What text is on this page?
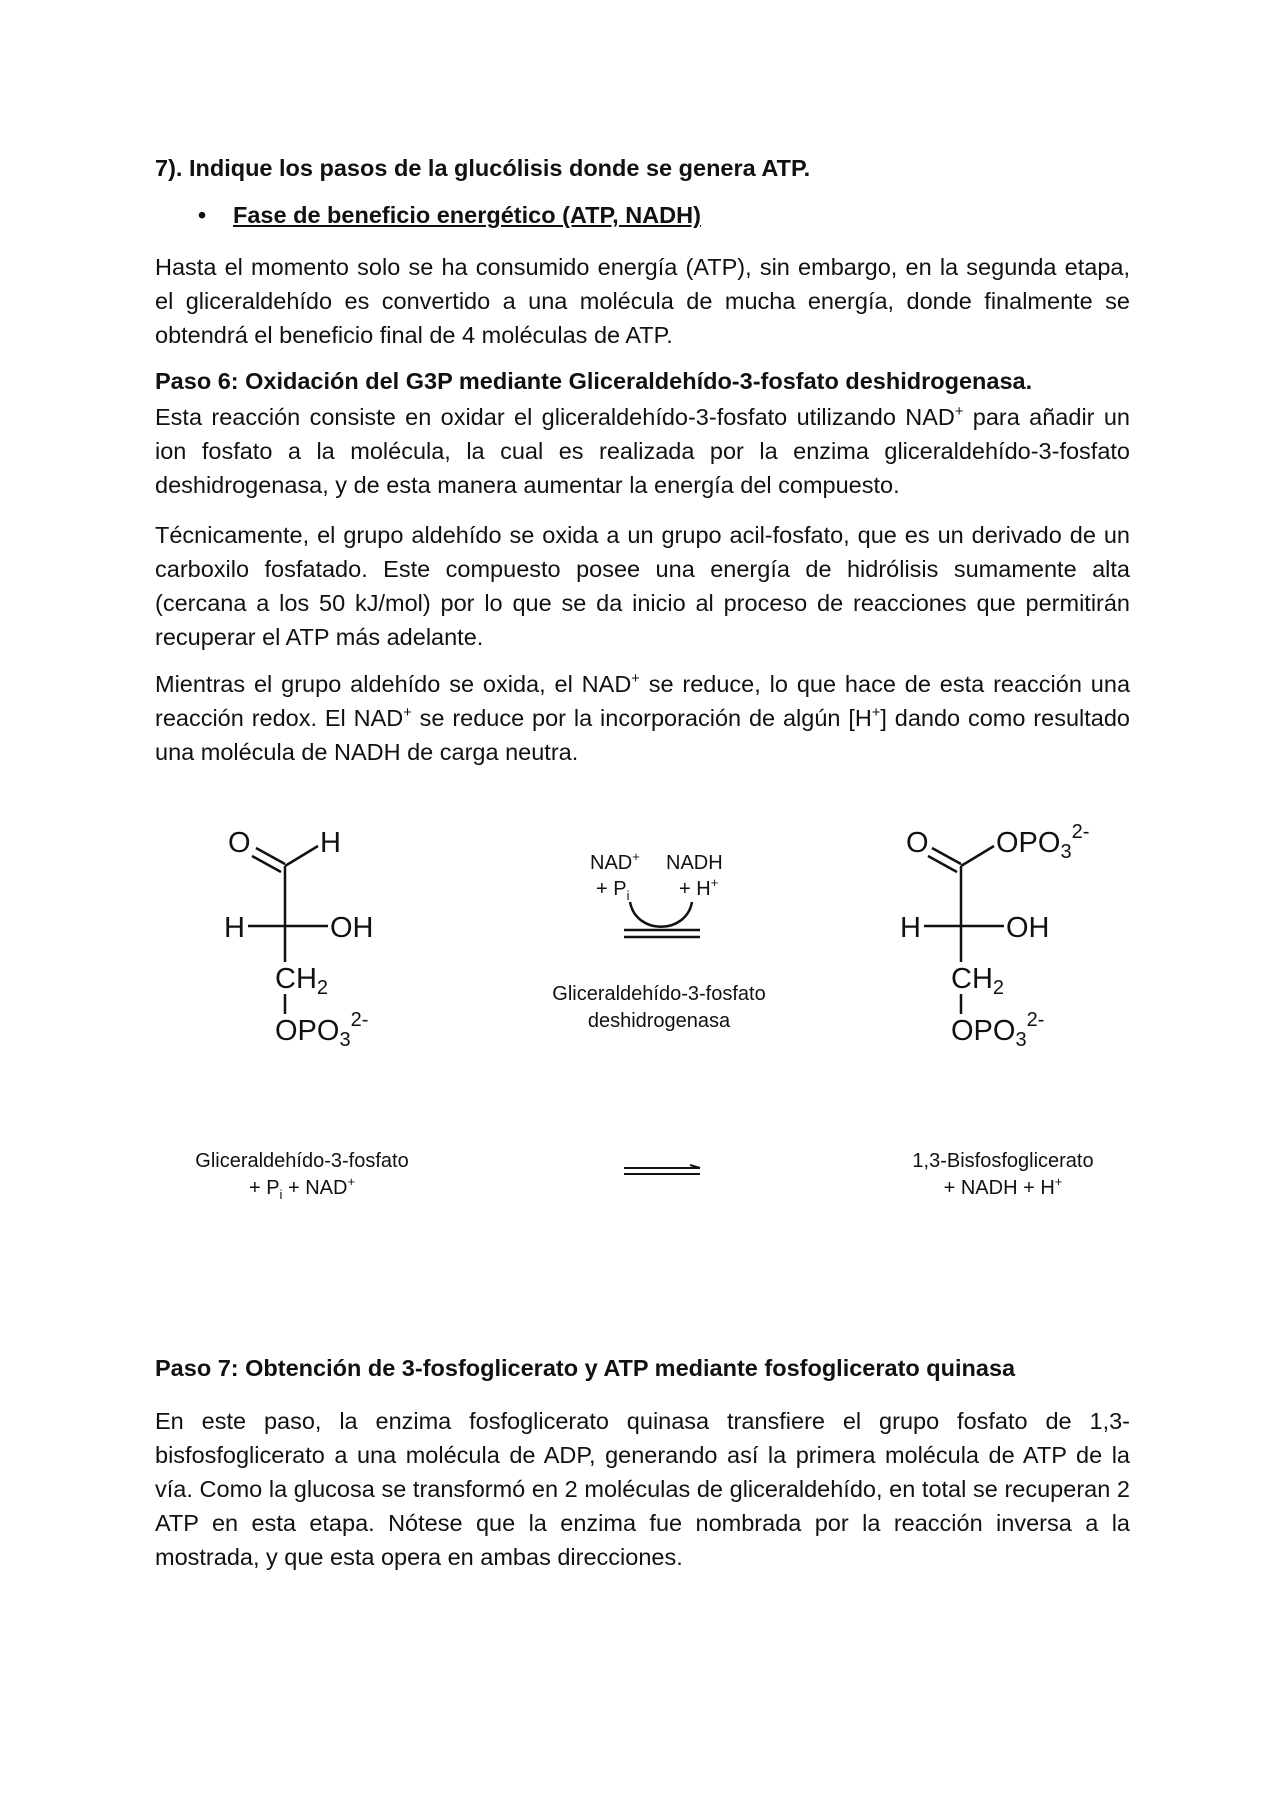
7). Indique los pasos de la glucólisis donde se genera ATP.

• Fase de beneficio energético (ATP, NADH)

Hasta el momento solo se ha consumido energía (ATP), sin embargo, en la segunda etapa, el gliceraldehído es convertido a una molécula de mucha energía, donde finalmente se obtendrá el beneficio final de 4 moléculas de ATP.

Paso 6: Oxidación del G3P mediante Gliceraldehído-3-fosfato deshidrogenasa.

Esta reacción consiste en oxidar el gliceraldehído-3-fosfato utilizando NAD+ para añadir un ion fosfato a la molécula, la cual es realizada por la enzima gliceraldehído-3-fosfato deshidrogenasa, y de esta manera aumentar la energía del compuesto.

Técnicamente, el grupo aldehído se oxida a un grupo acil-fosfato, que es un derivado de un carboxilo fosfatado. Este compuesto posee una energía de hidrólisis sumamente alta (cercana a los 50 kJ/mol) por lo que se da inicio al proceso de reacciones que permitirán recuperar el ATP más adelante.

Mientras el grupo aldehído se oxida, el NAD+ se reduce, lo que hace de esta reacción una reacción redox. El NAD+ se reduce por la incorporación de algún [H+] dando como resultado una molécula de NADH de carga neutra.

O H
H	OH
$CH_2$
$OPO_3^{2-}$
NAD+
+ $P_i$
NADH
+ H+
Gliceraldehído-3-fosfato
deshidrogenasa
O $OPO_3^{2-}$
H	OH
$CH_2$
$OPO_3^{2-}$
Gliceraldehído-3-fosfato
+ $P_i + NAD^+$
1,3-Bisfosfoglicerato
+ NADH + H+

Paso 7: Obtención de 3-fosfoglicerato y ATP mediante fosfoglicerato quinasa

En este paso, la enzima fosfoglicerato quinasa transfiere el grupo fosfato de 1,3-bisfosfoglicerato a una molécula de ADP, generando así la primera molécula de ATP de la vía. Como la glucosa se transformó en 2 moléculas de gliceraldehído, en total se recuperan 2 ATP en esta etapa. Nótese que la enzima fue nombrada por la reacción inversa a la mostrada, y que esta opera en ambas direcciones.
